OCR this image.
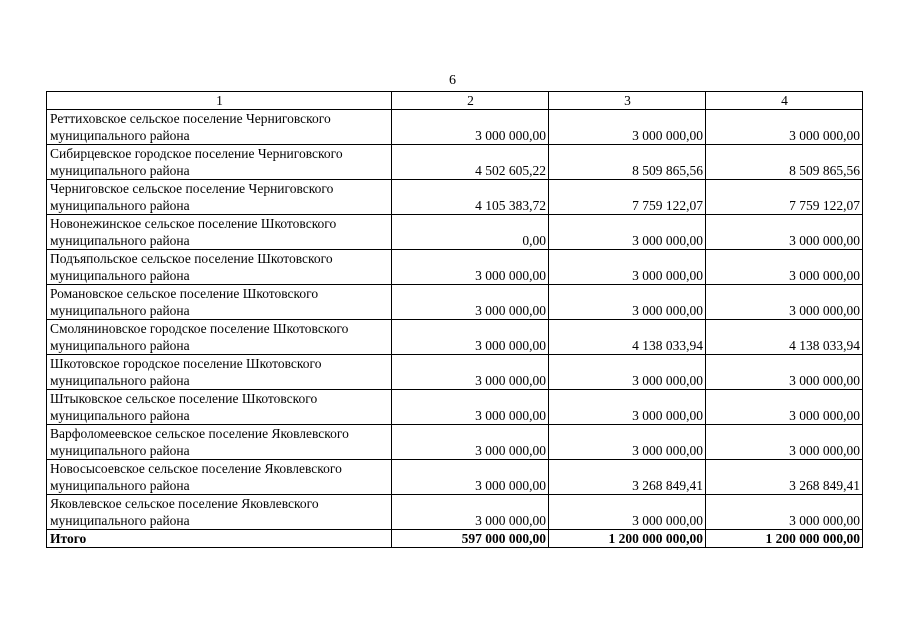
6
1	2	3	4
Реттиховское сельское поселение Черниговского муниципального района	3 000 000,00	3 000 000,00	3 000 000,00
Сибирцевское городское поселение Черниговского муниципального района	4 502 605,22	8 509 865,56	8 509 865,56
Черниговское сельское поселение Черниговского муниципального района	4 105 383,72	7 759 122,07	7 759 122,07
Новонежинское сельское поселение Шкотовского муниципального района	0,00	3 000 000,00	3 000 000,00
Подъяпольское сельское поселение Шкотовского муниципального района	3 000 000,00	3 000 000,00	3 000 000,00
Романовское сельское поселение Шкотовского муниципального района	3 000 000,00	3 000 000,00	3 000 000,00
Смоляниновское городское поселение Шкотовского муниципального района	3 000 000,00	4 138 033,94	4 138 033,94
Шкотовское городское поселение Шкотовского муниципального района	3 000 000,00	3 000 000,00	3 000 000,00
Штыковское сельское поселение Шкотовского муниципального района	3 000 000,00	3 000 000,00	3 000 000,00
Варфоломеевское сельское поселение Яковлевского муниципального района	3 000 000,00	3 000 000,00	3 000 000,00
Новосысоевское сельское поселение Яковлевского муниципального района	3 000 000,00	3 268 849,41	3 268 849,41
Яковлевское сельское поселение Яковлевского муниципального района	3 000 000,00	3 000 000,00	3 000 000,00
Итого	597 000 000,00	1 200 000 000,00	1 200 000 000,00
